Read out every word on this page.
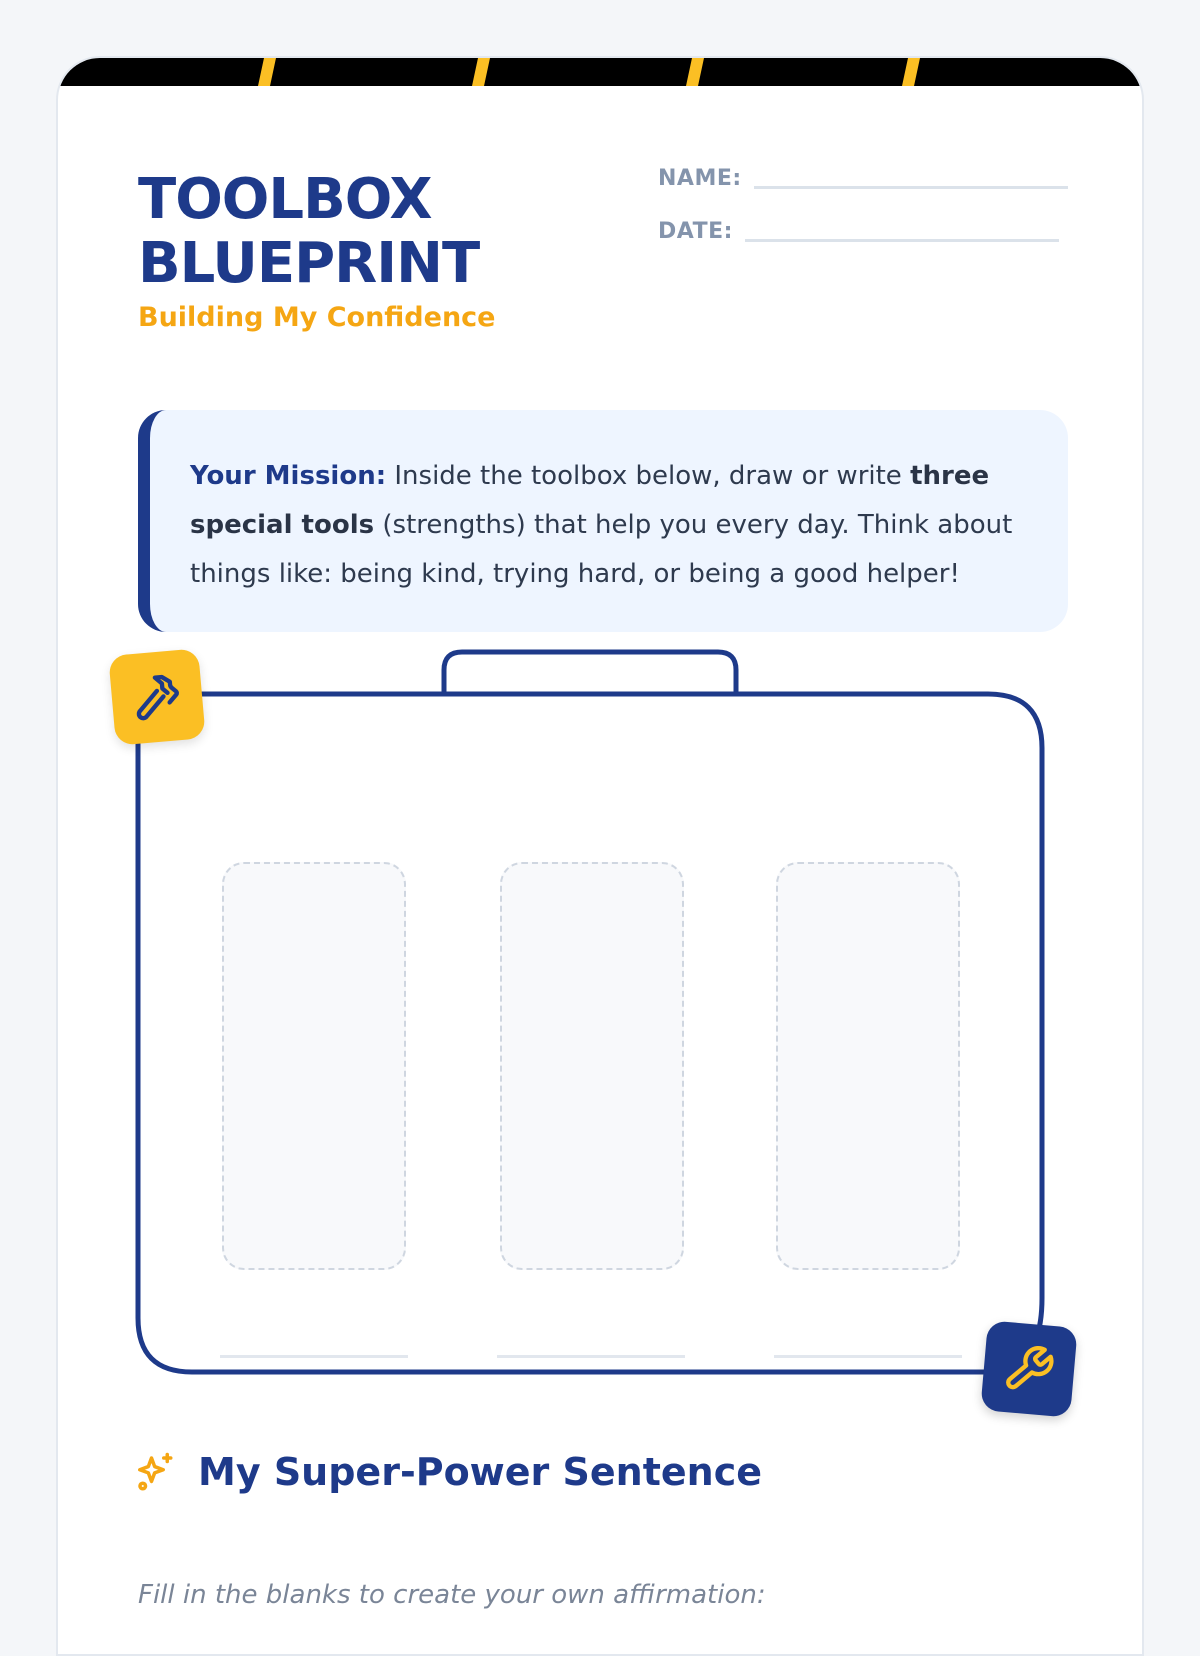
TOOLBOX
BLUEPRINT

Building My Confidence

NAME:
DATE:
Your Mission: Inside the toolbox below, draw or write three special tools (strengths) that help you every day. Think about things like: being kind, trying hard, or being a good helper!
My Super-Power Sentence

Fill in the blanks to create your own affirmation:
